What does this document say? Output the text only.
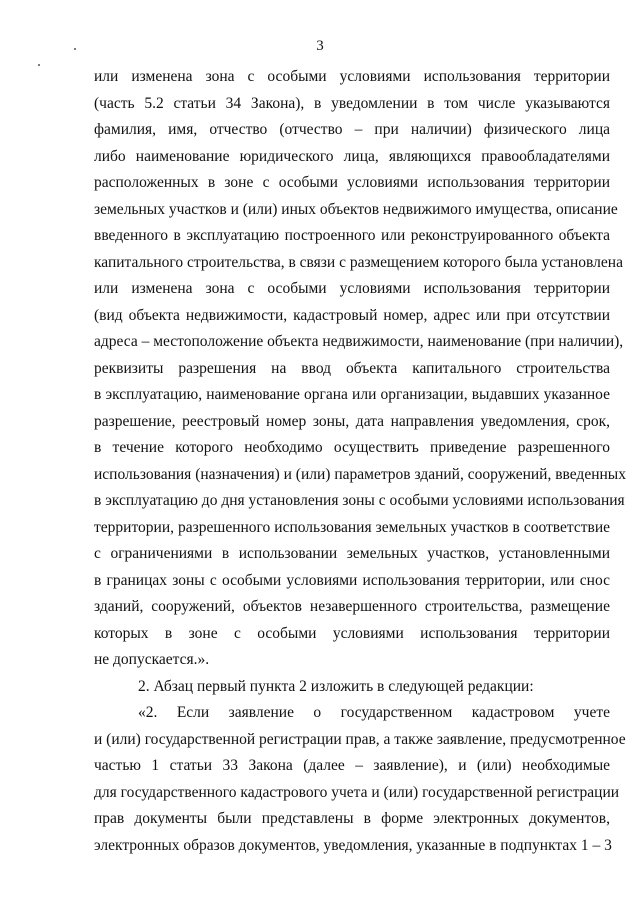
3
или изменена зона с особыми условиями использования территории
(часть 5.2 статьи 34 Закона), в уведомлении в том числе указываются
фамилия, имя, отчество (отчество – при наличии) физического лица
либо наименование юридического лица, являющихся правообладателями
расположенных в зоне с особыми условиями использования территории
земельных участков и (или) иных объектов недвижимого имущества, описание
введенного в эксплуатацию построенного или реконструированного объекта
капитального строительства, в связи с размещением которого была установлена
или изменена зона с особыми условиями использования территории
(вид объекта недвижимости, кадастровый номер, адрес или при отсутствии
адреса – местоположение объекта недвижимости, наименование (при наличии),
реквизиты разрешения на ввод объекта капитального строительства
в эксплуатацию, наименование органа или организации, выдавших указанное
разрешение, реестровый номер зоны, дата направления уведомления, срок,
в течение которого необходимо осуществить приведение разрешенного
использования (назначения) и (или) параметров зданий, сооружений, введенных
в эксплуатацию до дня установления зоны с особыми условиями использования
территории, разрешенного использования земельных участков в соответствие
с ограничениями в использовании земельных участков, установленными
в границах зоны с особыми условиями использования территории, или снос
зданий, сооружений, объектов незавершенного строительства, размещение
которых в зоне с особыми условиями использования территории
не допускается.».
2. Абзац первый пункта 2 изложить в следующей редакции:
«2. Если заявление о государственном кадастровом учете
и (или) государственной регистрации прав, а также заявление, предусмотренное
частью 1 статьи 33 Закона (далее – заявление), и (или) необходимые
для государственного кадастрового учета и (или) государственной регистрации
прав документы были представлены в форме электронных документов,
электронных образов документов, уведомления, указанные в подпунктах 1 – 3
